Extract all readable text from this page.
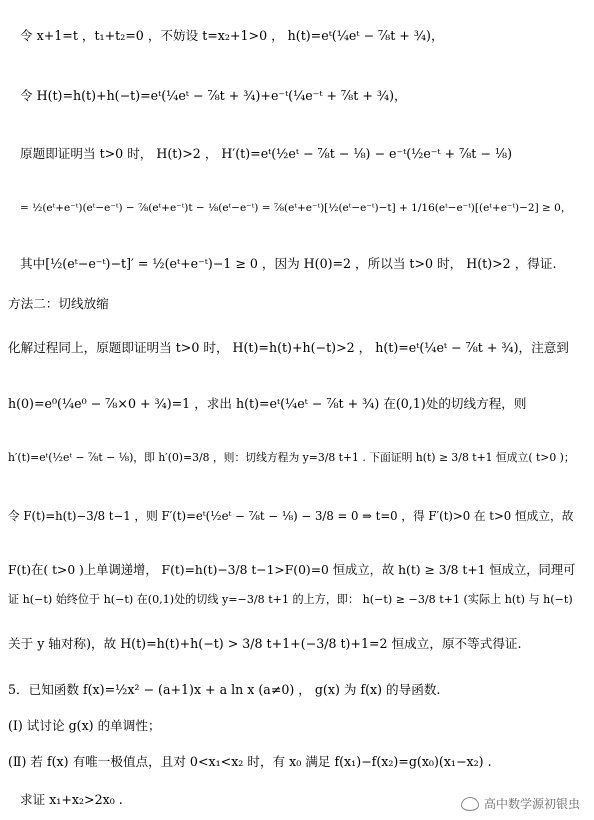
令 x+1=t ，t₁+t₂=0 ，不妨设 t=x₂+1>0 ， h(t)=eᵗ(¼eᵗ − ⅞t + ¾)，
令 H(t)=h(t)+h(−t)=eᵗ(¼eᵗ − ⅞t + ¾)+e⁻ᵗ(¼e⁻ᵗ + ⅞t + ¾)，
原题即证明当 t>0 时， H(t)>2 ， H′(t)=eᵗ(½eᵗ − ⅞t − ⅛) − e⁻ᵗ(½e⁻ᵗ + ⅞t − ⅛)
= ½(eᵗ+e⁻ᵗ)(eᵗ−e⁻ᵗ) − ⅞(eᵗ+e⁻ᵗ)t − ⅛(eᵗ−e⁻ᵗ) = ⅞(eᵗ+e⁻ᵗ)[½(eᵗ−e⁻ᵗ)−t] + 1/16(eᵗ−e⁻ᵗ)[(eᵗ+e⁻ᵗ)−2] ≥ 0，
其中[½(eᵗ−e⁻ᵗ)−t]′ = ½(eᵗ+e⁻ᵗ)−1 ≥ 0 ，因为 H(0)=2 ，所以当 t>0 时， H(t)>2 ，得证.
方法二：切线放缩
化解过程同上，原题即证明当 t>0 时， H(t)=h(t)+h(−t)>2 ， h(t)=eᵗ(¼eᵗ − ⅞t + ¾)，注意到
h(0)=e⁰(¼e⁰ − ⅞×0 + ¾)=1 ，求出 h(t)=eᵗ(¼eᵗ − ⅞t + ¾) 在(0,1)处的切线方程，则
h′(t)=eᵗ(½eᵗ − ⅞t − ⅛)，即 h′(0)=3/8 ，则：切线方程为 y=3/8 t+1 . 下面证明 h(t) ≥ 3/8 t+1 恒成立( t>0 )；
令 F(t)=h(t)−3/8 t−1 ，则 F′(t)=eᵗ(½eᵗ − ⅞t − ⅛) − 3/8 = 0 ⇒ t=0 ，得 F′(t)>0 在 t>0 恒成立，故
F(t)在( t>0 )上单调递增， F(t)=h(t)−3/8 t−1>F(0)=0 恒成立，故 h(t) ≥ 3/8 t+1 恒成立，同理可
证 h(−t) 始终位于 h(−t) 在(0,1)处的切线 y=−3/8 t+1 的上方，即： h(−t) ≥ −3/8 t+1 (实际上 h(t) 与 h(−t)
关于 y 轴对称)，故 H(t)=h(t)+h(−t) > 3/8 t+1+(−3/8 t)+1=2 恒成立，原不等式得证.
5．已知函数 f(x)=½x² − (a+1)x + a ln x (a≠0) ， g(x) 为 f(x) 的导函数.
(Ⅰ) 试讨论 g(x) 的单调性；
(Ⅱ) 若 f(x) 有唯一极值点，且对 0<x₁<x₂ 时，有 x₀ 满足 f(x₁)−f(x₂)=g(x₀)(x₁−x₂) .
求证 x₁+x₂>2x₀ .	高中数学源初银虫
